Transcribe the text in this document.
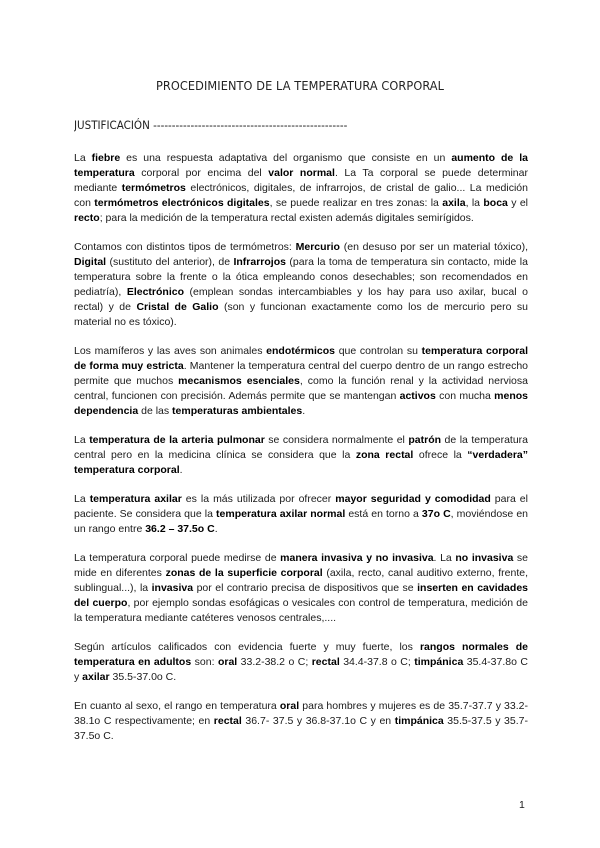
PROCEDIMIENTO DE LA TEMPERATURA CORPORAL
JUSTIFICACIÓN ----------------------------------------------------

La fiebre es una respuesta adaptativa del organismo que consiste en un aumento de la temperatura corporal por encima del valor normal. La Ta corporal se puede determinar mediante termómetros electrónicos, digitales, de infrarrojos, de cristal de galio... La medición con termómetros electrónicos digitales, se puede realizar en tres zonas: la axila, la boca y el recto; para la medición de la temperatura rectal existen además digitales semirígidos.

Contamos con distintos tipos de termómetros: Mercurio (en desuso por ser un material tóxico), Digital (sustituto del anterior), de Infrarrojos (para la toma de temperatura sin contacto, mide la temperatura sobre la frente o la ótica empleando conos desechables; son recomendados en pediatría), Electrónico (emplean sondas intercambiables y los hay para uso axilar, bucal o rectal) y de Cristal de Galio (son y funcionan exactamente como los de mercurio pero su material no es tóxico).

Los mamíferos y las aves son animales endotérmicos que controlan su temperatura corporal de forma muy estricta. Mantener la temperatura central del cuerpo dentro de un rango estrecho permite que muchos mecanismos esenciales, como la función renal y la actividad nerviosa central, funcionen con precisión. Además permite que se mantengan activos con mucha menos dependencia de las temperaturas ambientales.

La temperatura de la arteria pulmonar se considera normalmente el patrón de la temperatura central pero en la medicina clínica se considera que la zona rectal ofrece la “verdadera” temperatura corporal.

La temperatura axilar es la más utilizada por ofrecer mayor seguridad y comodidad para el paciente. Se considera que la temperatura axilar normal está en torno a 37o C, moviéndose en un rango entre 36.2 – 37.5o C.

La temperatura corporal puede medirse de manera invasiva y no invasiva. La no invasiva se mide en diferentes zonas de la superficie corporal (axila, recto, canal auditivo externo, frente, sublingual...), la invasiva por el contrario precisa de dispositivos que se inserten en cavidades del cuerpo, por ejemplo sondas esofágicas o vesicales con control de temperatura, medición de la temperatura mediante catéteres venosos centrales,....

Según artículos calificados con evidencia fuerte y muy fuerte, los rangos normales de temperatura en adultos son: oral 33.2-38.2 o C; rectal 34.4-37.8 o C; timpánica 35.4-37.8o C y axilar 35.5-37.0o C.

En cuanto al sexo, el rango en temperatura oral para hombres y mujeres es de 35.7-37.7 y 33.2-38.1o C respectivamente; en rectal 36.7- 37.5 y 36.8-37.1o C y en timpánica 35.5-37.5 y 35.7-37.5o C.

1
